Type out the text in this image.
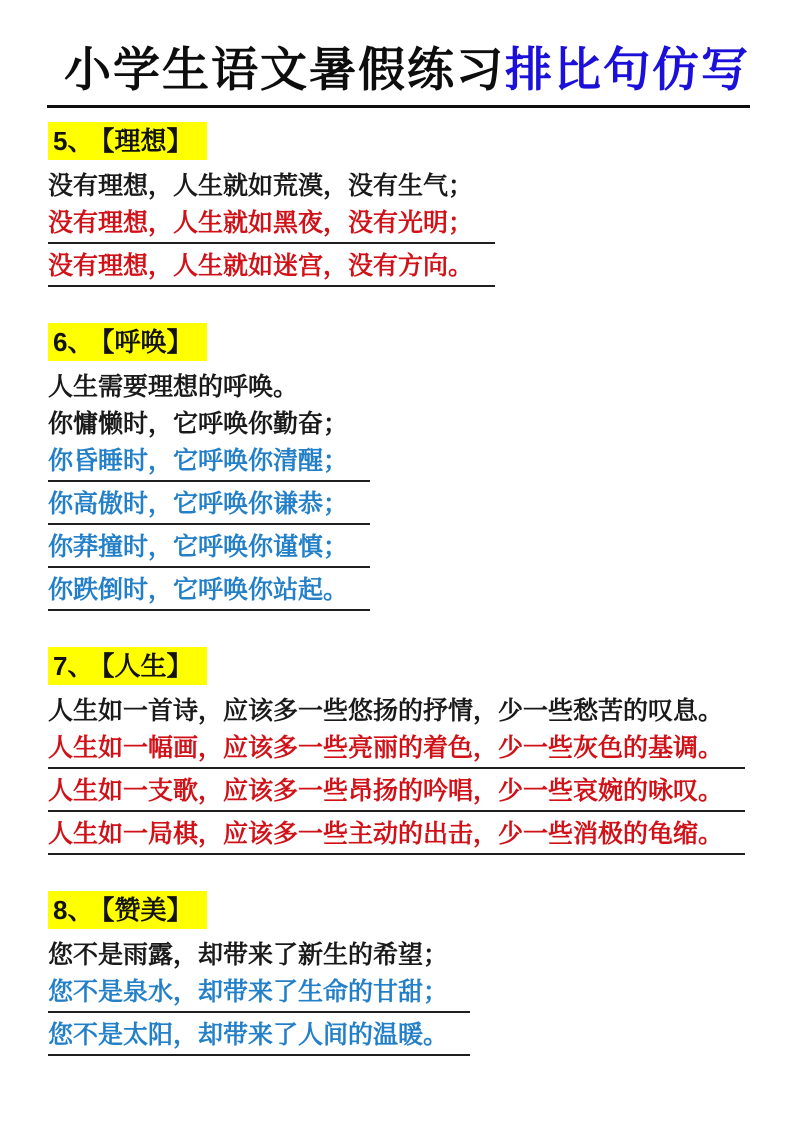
小学生语文暑假练习排比句仿写
5、 【理想】

没有理想，人生就如荒漠，没有生气；

没有理想，人生就如黑夜，没有光明；

没有理想，人生就如迷宫，没有方向。

6、 【呼唤】

人生需要理想的呼唤。

你慵懒时，它呼唤你勤奋；

你昏睡时，它呼唤你清醒；

你高傲时，它呼唤你谦恭；

你莽撞时，它呼唤你谨慎；

你跌倒时，它呼唤你站起。

7、 【人生】

人生如一首诗，应该多一些悠扬的抒情，少一些愁苦的叹息。

人生如一幅画，应该多一些亮丽的着色，少一些灰色的基调。

人生如一支歌，应该多一些昂扬的吟唱，少一些哀婉的咏叹。

人生如一局棋，应该多一些主动的出击，少一些消极的龟缩。

8、 【赞美】

您不是雨露，却带来了新生的希望；

您不是泉水，却带来了生命的甘甜；

您不是太阳，却带来了人间的温暖。
